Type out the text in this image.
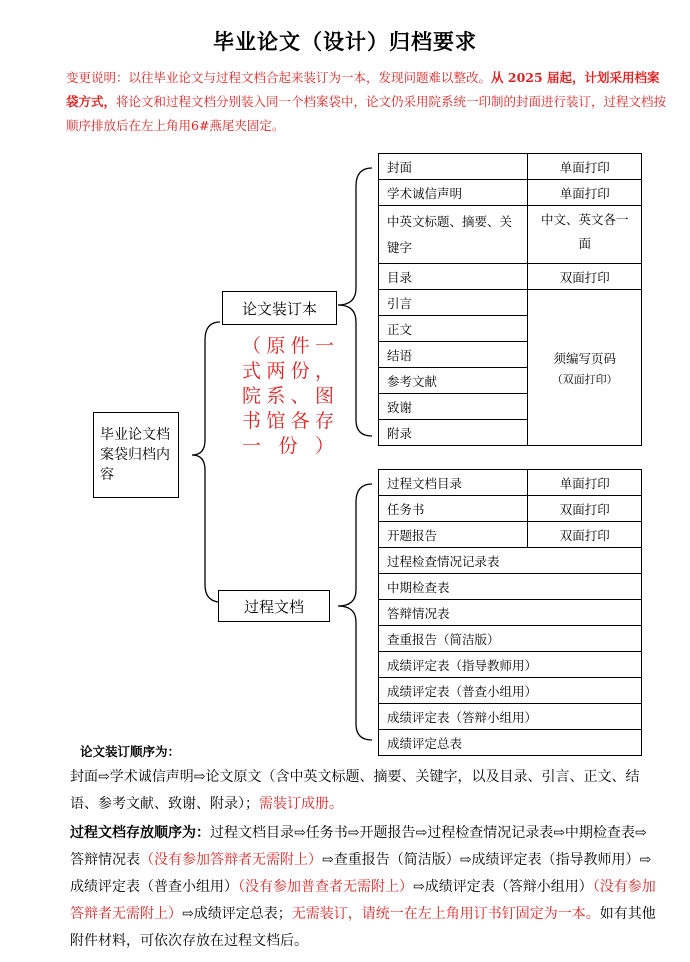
毕业论文（设计）归档要求
变更说明：以往毕业论文与过程文档合起来装订为一本，发现问题难以整改。从 2025 届起，计划采用档案袋方式，将论文和过程文档分别装入同一个档案袋中，论文仍采用院系统一印制的封面进行装订，过程文档按顺序排放后在左上角用6#燕尾夹固定。
毕业论文档案袋归档内容
论文装订本
过程文档
（原件一式两份，院系、图书馆各存一份）
封面	单面打印
学术诚信声明	单面打印
中英文标题、摘要、关键字	中文、英文各一面
目录	双面打印
引言	须编写页码
（双面打印）

正文	
结语	
参考文献	
致谢	
附录	
过程文档目录	单面打印
任务书	双面打印
开题报告	双面打印
过程检查情况记录表	
中期检查表	
答辩情况表	
查重报告（简洁版）	
成绩评定表（指导教师用）	
成绩评定表（普查小组用）	
成绩评定表（答辩小组用）	
成绩评定总表	
论文装订顺序为：
封面⇨学术诚信声明⇨论文原文（含中英文标题、摘要、关键字，以及目录、引言、正文、结语、参考文献、致谢、附录）；需装订成册。
过程文档存放顺序为：过程文档目录⇨任务书⇨开题报告⇨过程检查情况记录表⇨中期检查表⇨答辩情况表（没有参加答辩者无需附上）⇨查重报告（简洁版）⇨成绩评定表（指导教师用）⇨成绩评定表（普查小组用）（没有参加普查者无需附上）⇨成绩评定表（答辩小组用）（没有参加答辩者无需附上）⇨成绩评定总表；无需装订，请统一在左上角用订书钉固定为一本。如有其他附件材料，可依次存放在过程文档后。
